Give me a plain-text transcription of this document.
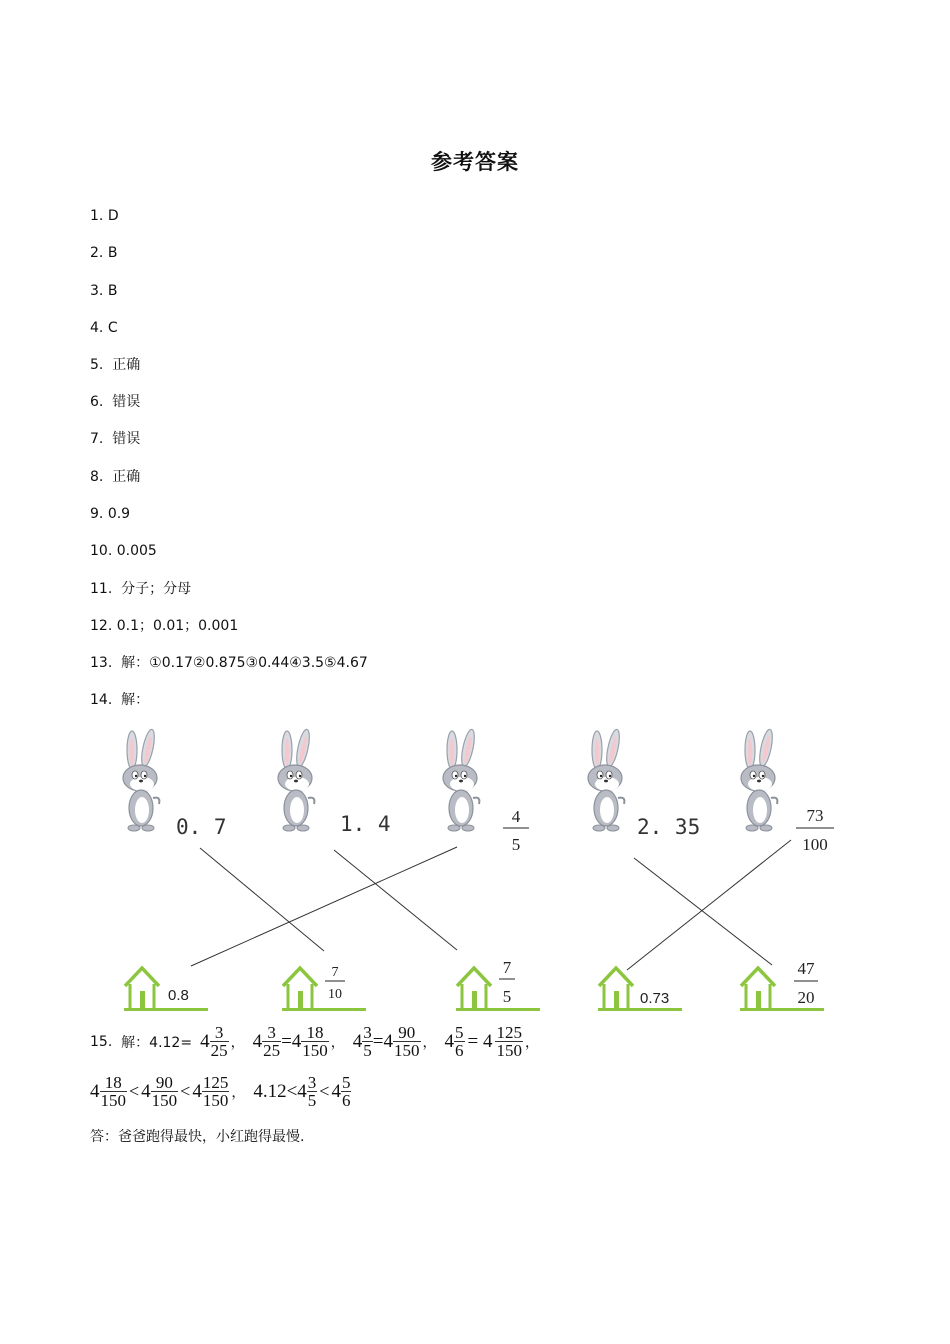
参考答案
1. D
2. B
3. B
4. C
5. 正确
6. 错误
7. 错误
8. 正确
9. 0.9
10. 0.005
11. 分子；分母
12. 0.1；0.01；0.001
13. 解：①0.17②0.875③0.44④3.5⑤4.67
14. 解：
0. 7	1. 4	4
5
2. 35	73
100
0.8
7
10
7
5	0.73
47
20
15.
解：$4.12= 4 \frac{3}{25}$ ， $4 \frac{3}{25} =4 \frac{18}{150}$ ， $4 \frac{3}{5} =4 \frac{90}{150}$ ， $4 \frac{5}{6} = 4 \frac{125}{150}$ ，
$4 \frac{18}{150} < 4 \frac{90}{150} < 4 \frac{125}{150}$ ， $4.12<4 \frac{3}{5} < 4 \frac{5}{6}$
答：爸爸跑得最快，小红跑得最慢.
